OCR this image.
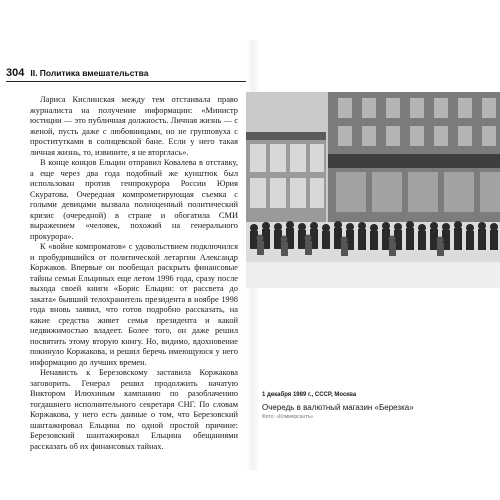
304 II. Политика вмешательства

Лариса Кислинская между тем отстаивала право журналиста на получение информации: «Министр юстиции — это публичная должность. Личная жизнь — с женой, пусть даже с любовницами, но не групповуха с проститутками в солнцевской бане. Если у него такая личная жизнь, то, извините, я не вторглась».

В конце концов Ельцин отправил Ковалева в отставку, а еще через два года подобный же кунштюк был использован против генпрокурора России Юрия Скуратова. Очередная компрометирующая съемка с голыми девицами вызвала полноценный политический кризис (очередной) в стране и обогатила СМИ выражением «человек, похожий на генерального прокурора».

К «войне компроматов» с удовольствием подключился и пробудившийся от политической летаргии Александр Коржаков. Впервые он пообещал раскрыть финансовые тайны семьи Ельциных еще летом 1996 года, сразу после выхода своей книги «Борис Ельцин: от рассвета до заката» бывший телохранитель президента в ноябре 1998 года вновь заявил, что готов подробно рассказать, на какие средства живет семья президента и какой недвижимостью владеет. Более того, он даже решил посвятить этому вторую книгу. Но, видимо, вдохновение покинуло Коржакова, и решил беречь имеющуюся у него информацию до лучших времен.

Ненависть к Березовскому заставила Коржакова заговорить. Генерал решил продолжить начатую Виктором Илюхиным кампанию по разоблачению тогдашнего исполнительного секретаря СНГ. По словам Коржакова, у него есть данные о том, что Березовский шантажировал Ельцина по одной простой причине: Березовский шантажировал Ельцина обещаниями рассказать об их финансовых тайнах.

1 декабря 1989 г., СССР, Москва
Очередь в валютный магазин «Березка»
Фото: «Коммерсантъ»
